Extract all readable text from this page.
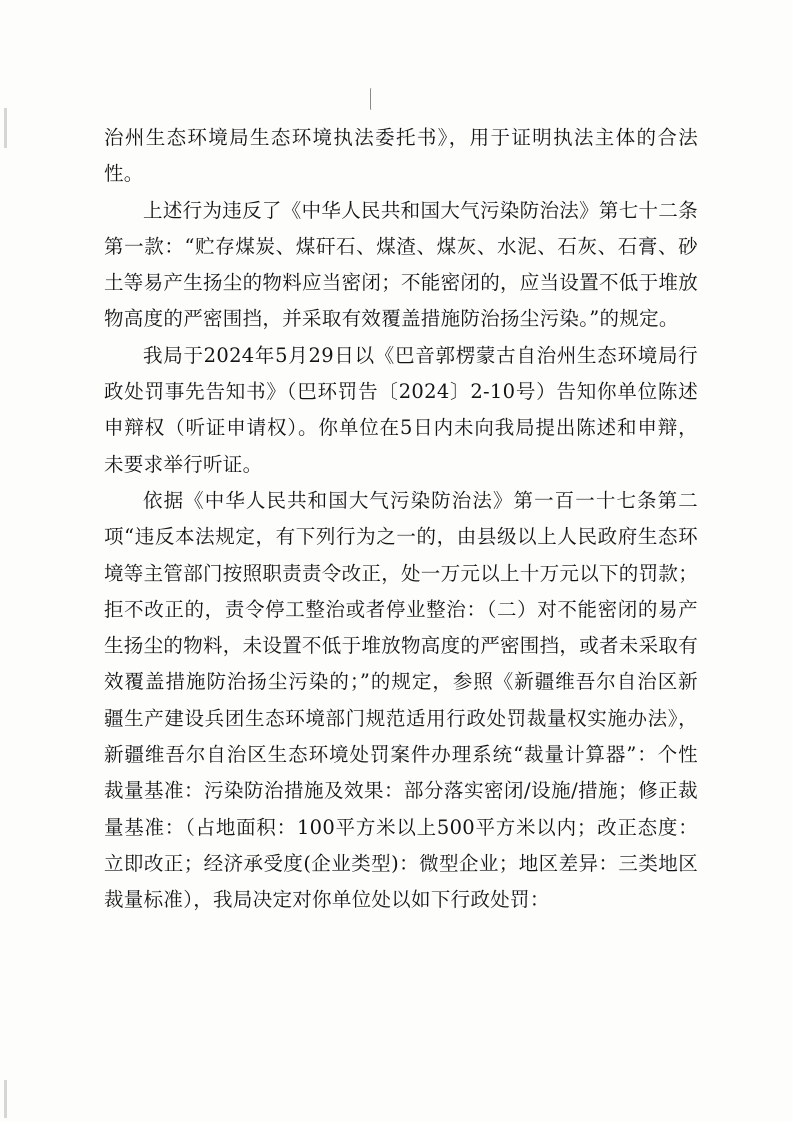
治州生态环境局生态环境执法委托书》，用于证明执法主体的合法性。

上述行为违反了《中华人民共和国大气污染防治法》第七十二条第一款：“贮存煤炭、煤矸石、煤渣、煤灰、水泥、石灰、石膏、砂土等易产生扬尘的物料应当密闭；不能密闭的，应当设置不低于堆放物高度的严密围挡，并采取有效覆盖措施防治扬尘污染。”的规定。

我局于2024年5月29日以《巴音郭楞蒙古自治州生态环境局行政处罚事先告知书》（巴环罚告〔2024〕2-10号）告知你单位陈述申辩权（听证申请权）。你单位在5日内未向我局提出陈述和申辩，未要求举行听证。

依据《中华人民共和国大气污染防治法》第一百一十七条第二项“违反本法规定，有下列行为之一的，由县级以上人民政府生态环境等主管部门按照职责责令改正，处一万元以上十万元以下的罚款；拒不改正的，责令停工整治或者停业整治：（二）对不能密闭的易产生扬尘的物料，未设置不低于堆放物高度的严密围挡，或者未采取有效覆盖措施防治扬尘污染的；”的规定，参照《新疆维吾尔自治区新疆生产建设兵团生态环境部门规范适用行政处罚裁量权实施办法》，新疆维吾尔自治区生态环境处罚案件办理系统“裁量计算器”：个性裁量基准：污染防治措施及效果：部分落实密闭/设施/措施；修正裁量基准：（占地面积：100平方米以上500平方米以内；改正态度：立即改正；经济承受度(企业类型)：微型企业；地区差异：三类地区裁量标准），我局决定对你单位处以如下行政处罚：
